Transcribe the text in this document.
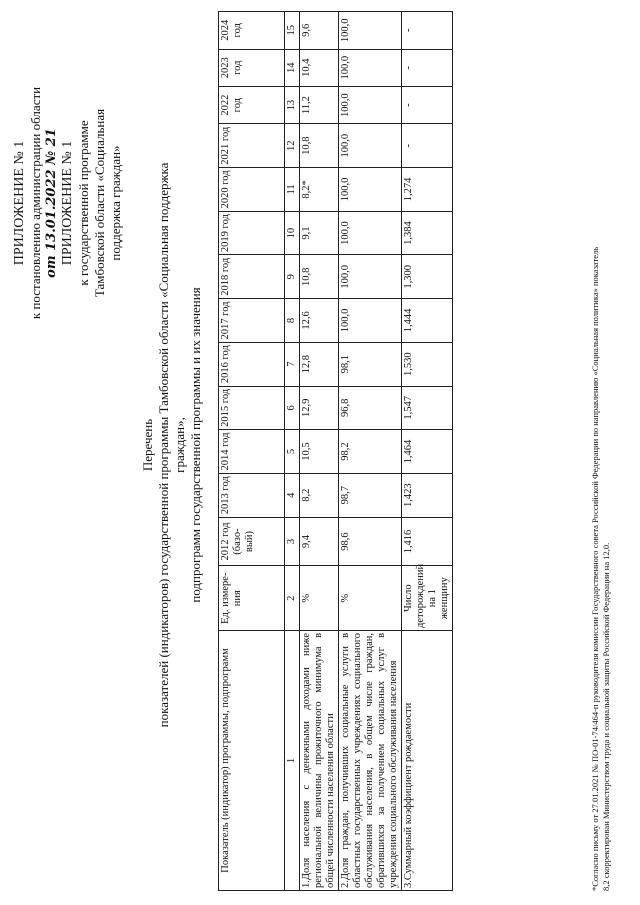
ПРИЛОЖЕНИЕ № 1 к постановлению администрации области от 13.01.2022 № 21 ПРИЛОЖЕНИЕ № 1 к государственной программе Тамбовской области «Социальная поддержка граждан»
Перечень показателей (индикаторов) государственной программы Тамбовской области «Социальная поддержка граждан», подпрограмм государственной программы и их значения
Показатель (индикатор) программы, подпрограмм	Ед. измере-ния	2012 год (базо-вый)	2013 год	2014 год	2015 год	2016 год	2017 год	2018 год	2019 год	2020 год	2021 год	2022 год	2023 год	2024 год
1	2	3	4	5	6	7	8	9	10	11	12	13	14	15
1.Доля населения с денежными доходами ниже региональной величины прожиточного минимума в общей численности населения области	%	9,4	8,2	10,5	12,9	12,8	12,6	10,8	9,1	8,2*	10,8	11,2	10,4	9,6
2.Доля граждан, получивших социальные услуги в областных государственных учреждениях социального обслуживания населения, в общем числе граждан, обратившихся за получением социальных услуг в учреждения социального обслуживания населения	%	98,6	98,7	98,2	96,8	98,1	100,0	100,0	100,0	100,0	100,0	100,0	100,0	100,0
3.Суммарный коэффициент рождаемости	Число деторождений на 1 женщину	1,416	1,423	1,464	1,547	1,530	1,444	1,300	1,384	1,274	-	-	-	-
*Согласно письму от 27.01.2021 № ПО-01-74/464-п руководителя комиссии Государственного совета Российской Федерации по направлению «Социальная политика» показатель 8,2 скорректирован Министерством труда и социальной защиты Российской Федерации на 12,0.
